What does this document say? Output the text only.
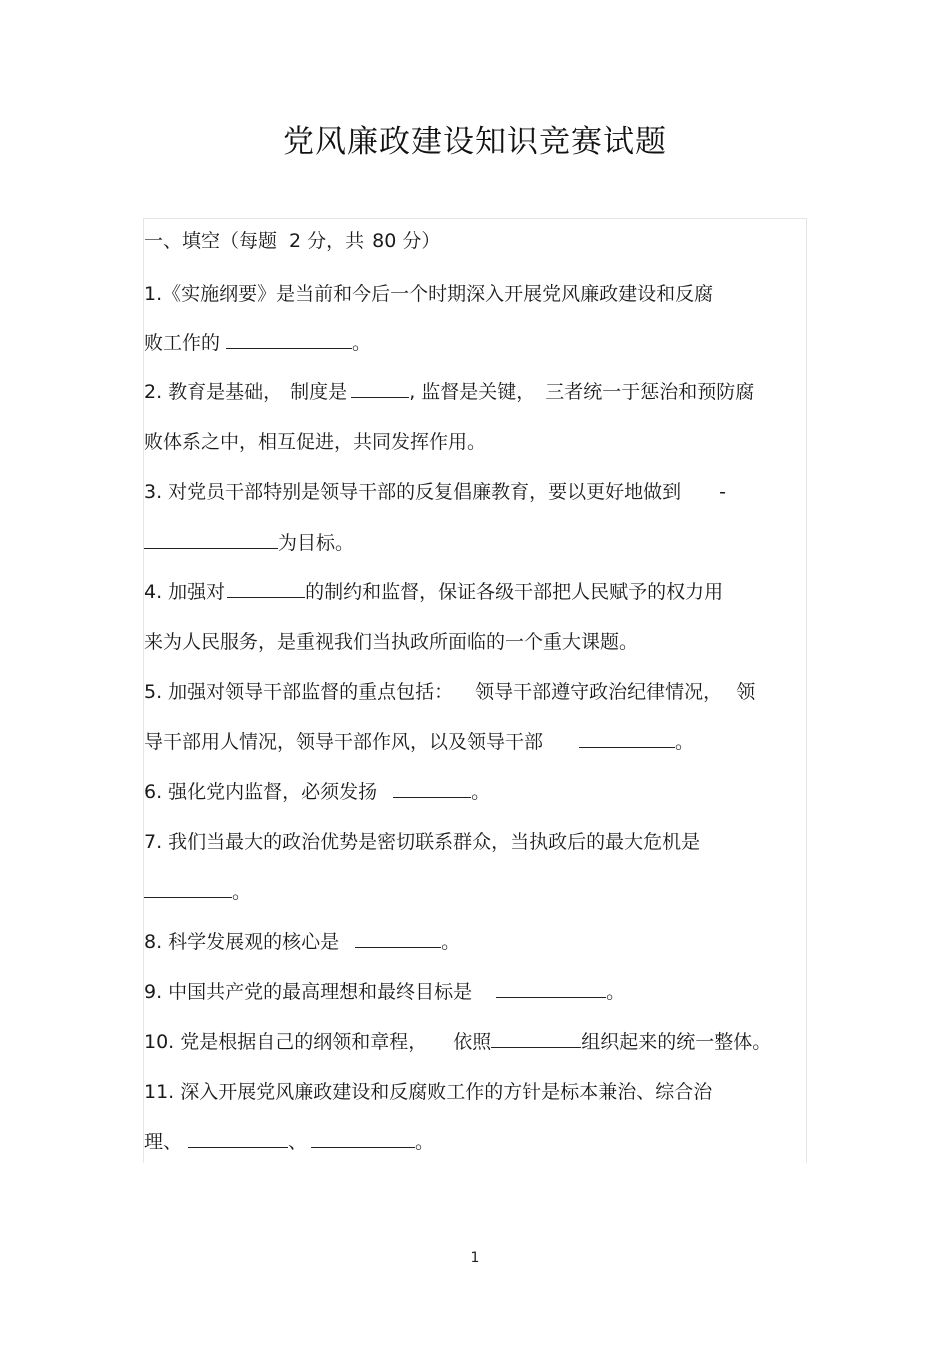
党风廉政建设知识竞赛试题
一、填空（每题 2 分，共 80 分）
1.《实施纲要》是当前和今后一个时期深入开展党风廉政建设和反腐
败工作的	。
2. 教育是基础， 制度是	, 监督是关键， 三者统一于惩治和预防腐
败体系之中，相互促进，共同发挥作用。
3. 对党员干部特别是领导干部的反复倡廉教育，要以更好地做到 -
为目标。
4. 加强对	的制约和监督，保证各级干部把人民赋予的权力用
来为人民服务，是重视我们当执政所面临的一个重大课题。
5. 加强对领导干部监督的重点包括： 领导干部遵守政治纪律情况， 领
导干部用人情况，领导干部作风，以及领导干部	。
6. 强化党内监督，必须发扬	。
7. 我们当最大的政治优势是密切联系群众，当执政后的最大危机是
。
8. 科学发展观的核心是	。
9. 中国共产党的最高理想和最终目标是	。
10. 党是根据自己的纲领和章程， 依照	组织起来的统一整体。
11. 深入开展党风廉政建设和反腐败工作的方针是标本兼治、综合治
理、	、	。
1
